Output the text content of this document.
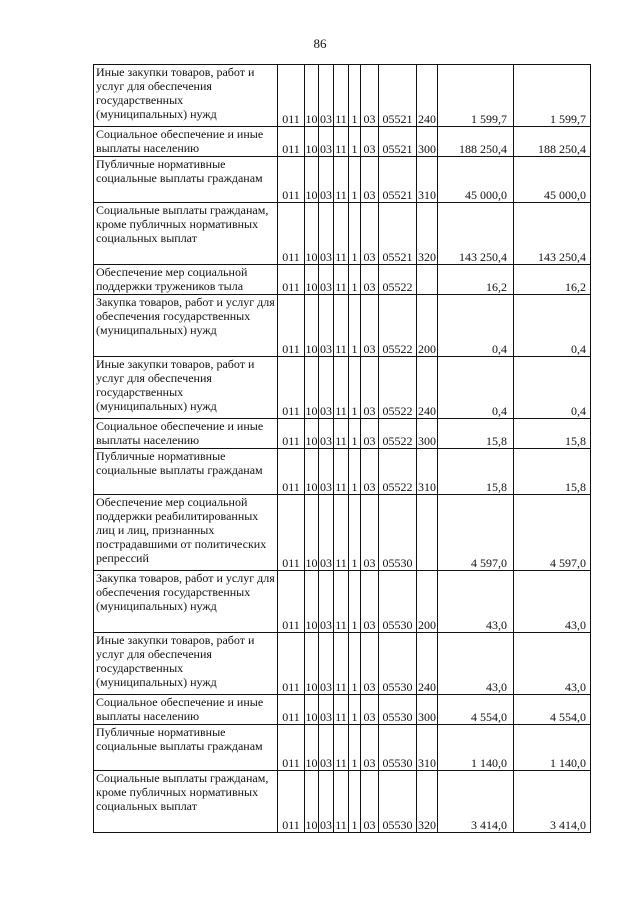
86
Иные закупки товаров, работ и услуг для обеспечения государственных (муниципальных) нужд	011	10	03	11	1	03	05521	240	1 599,7	1 599,7

Социальное обеспечение и иные выплаты населению	011	10	03	11	1	03	05521	300	188 250,4	188 250,4

Публичные нормативные социальные выплаты гражданам	011	10	03	11	1	03	05521	310	45 000,0	45 000,0

Социальные выплаты гражданам, кроме публичных нормативных социальных выплат	011	10	03	11	1	03	05521	320	143 250,4	143 250,4

Обеспечение мер социальной поддержки тружеников тыла	011	10	03	11	1	03	05522		16,2	16,2

Закупка товаров, работ и услуг для обеспечения государственных (муниципальных) нужд	011	10	03	11	1	03	05522	200	0,4	0,4

Иные закупки товаров, работ и услуг для обеспечения государственных (муниципальных) нужд	011	10	03	11	1	03	05522	240	0,4	0,4

Социальное обеспечение и иные выплаты населению	011	10	03	11	1	03	05522	300	15,8	15,8

Публичные нормативные социальные выплаты гражданам	011	10	03	11	1	03	05522	310	15,8	15,8

Обеспечение мер социальной поддержки реабилитированных лиц и лиц, признанных пострадавшими от политических репрессий	011	10	03	11	1	03	05530		4 597,0	4 597,0

Закупка товаров, работ и услуг для обеспечения государственных (муниципальных) нужд	011	10	03	11	1	03	05530	200	43,0	43,0

Иные закупки товаров, работ и услуг для обеспечения государственных (муниципальных) нужд	011	10	03	11	1	03	05530	240	43,0	43,0

Социальное обеспечение и иные выплаты населению	011	10	03	11	1	03	05530	300	4 554,0	4 554,0

Публичные нормативные социальные выплаты гражданам	011	10	03	11	1	03	05530	310	1 140,0	1 140,0

Социальные выплаты гражданам, кроме публичных нормативных социальных выплат	011	10	03	11	1	03	05530	320	3 414,0	3 414,0
